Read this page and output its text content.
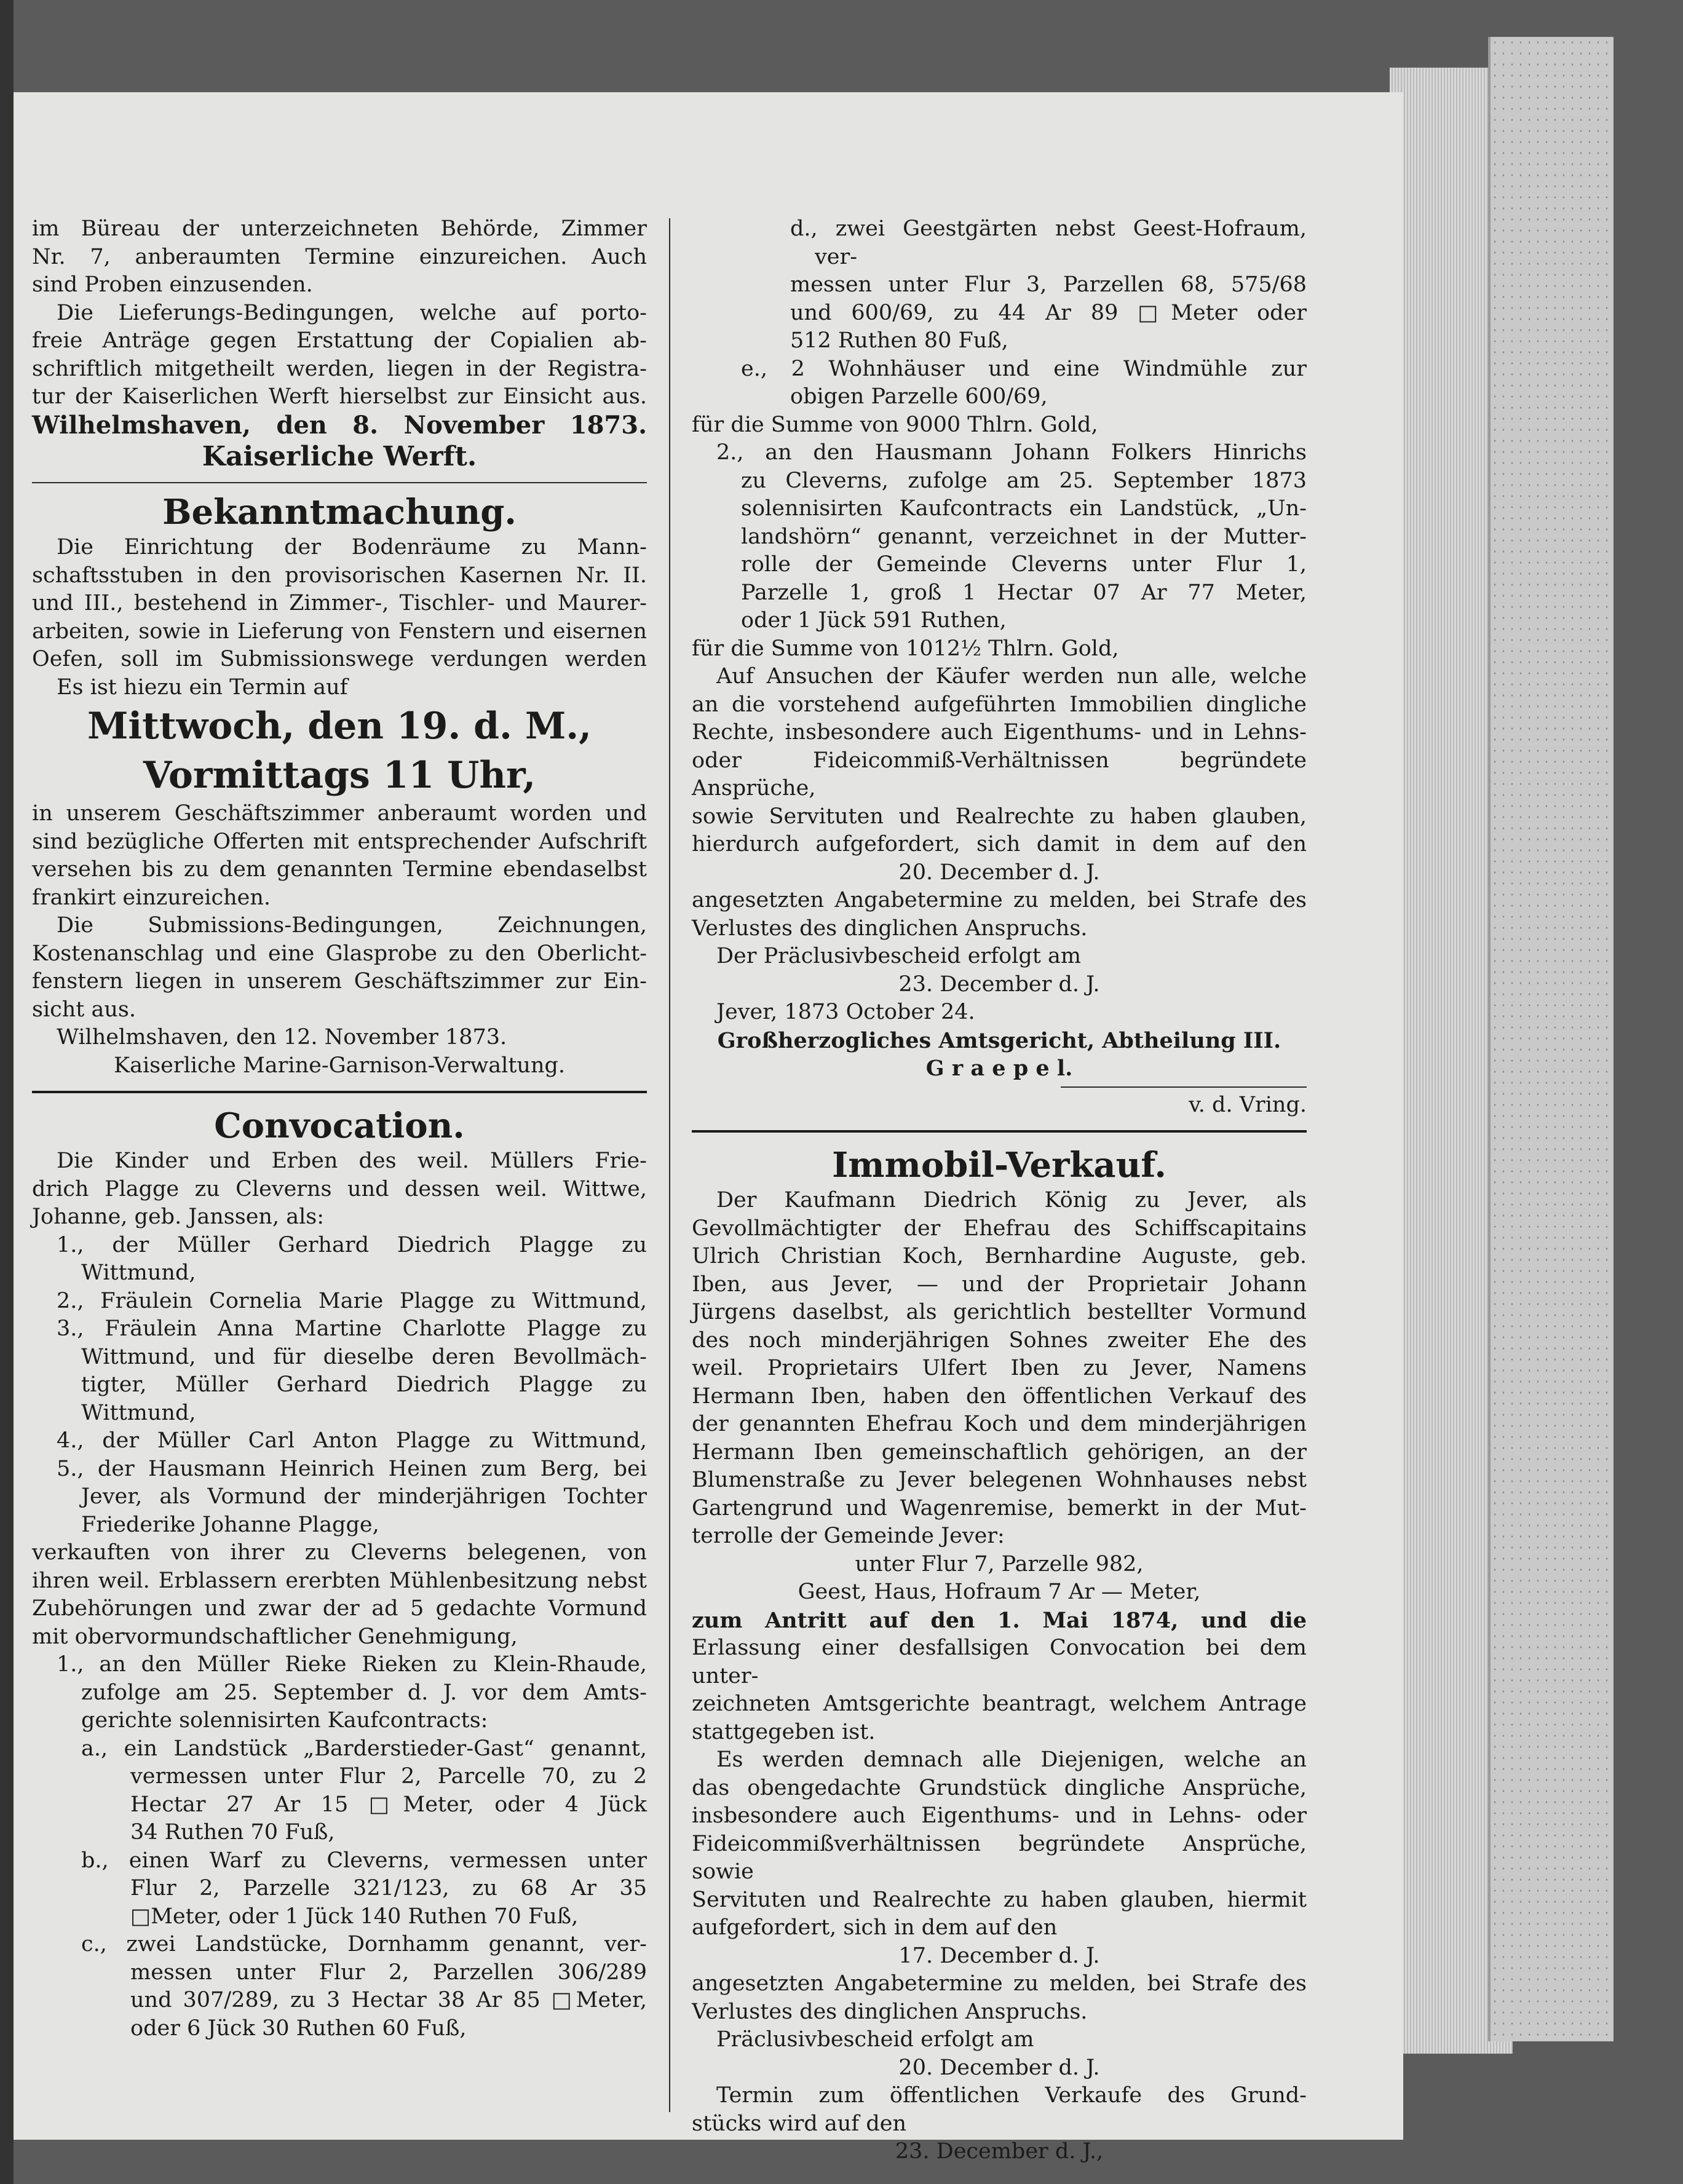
im Büreau der unterzeichneten Behörde, Zimmer

Nr. 7, anberaumten Termine einzureichen. Auch

sind Proben einzusenden.

Die Lieferungs-Bedingungen, welche auf porto-

freie Anträge gegen Erstattung der Copialien ab-

schriftlich mitgetheilt werden, liegen in der Registra-

tur der Kaiserlichen Werft hierselbst zur Einsicht aus.

Wilhelmshaven, den 8. November 1873.

Kaiserliche Werft.

Bekanntmachung.

Die Einrichtung der Bodenräume zu Mann-

schaftsstuben in den provisorischen Kasernen Nr. II.

und III., bestehend in Zimmer-, Tischler- und Maurer-

arbeiten, sowie in Lieferung von Fenstern und eisernen

Oefen, soll im Submissionswege verdungen werden

Es ist hiezu ein Termin auf

Mittwoch, den 19. d. M.,

Vormittags 11 Uhr,

in unserem Geschäftszimmer anberaumt worden und

sind bezügliche Offerten mit entsprechender Aufschrift

versehen bis zu dem genannten Termine ebendaselbst

frankirt einzureichen.

Die Submissions-Bedingungen, Zeichnungen,

Kostenanschlag und eine Glasprobe zu den Oberlicht-

fenstern liegen in unserem Geschäftszimmer zur Ein-

sicht aus.

Wilhelmshaven, den 12. November 1873.

Kaiserliche Marine-Garnison-Verwaltung.

Convocation.

Die Kinder und Erben des weil. Müllers Frie-

drich Plagge zu Cleverns und dessen weil. Wittwe,

Johanne, geb. Janssen, als:

1., der Müller Gerhard Diedrich Plagge zu

Wittmund,

2., Fräulein Cornelia Marie Plagge zu Wittmund,

3., Fräulein Anna Martine Charlotte Plagge zu

Wittmund, und für dieselbe deren Bevollmäch-

tigter, Müller Gerhard Diedrich Plagge zu

Wittmund,

4., der Müller Carl Anton Plagge zu Wittmund,

5., der Hausmann Heinrich Heinen zum Berg, bei

Jever, als Vormund der minderjährigen Tochter

Friederike Johanne Plagge,

verkauften von ihrer zu Cleverns belegenen, von

ihren weil. Erblassern ererbten Mühlenbesitzung nebst

Zubehörungen und zwar der ad 5 gedachte Vormund

mit obervormundschaftlicher Genehmigung,

1., an den Müller Rieke Rieken zu Klein-Rhaude,

zufolge am 25. September d. J. vor dem Amts-

gerichte solennisirten Kaufcontracts:

a., ein Landstück „Barderstieder-Gast“ genannt,

vermessen unter Flur 2, Parcelle 70, zu 2

Hectar 27 Ar 15 □Meter, oder 4 Jück

34 Ruthen 70 Fuß,

b., einen Warf zu Cleverns, vermessen unter

Flur 2, Parzelle 321/123, zu 68 Ar 35

□Meter, oder 1 Jück 140 Ruthen 70 Fuß,

c., zwei Landstücke, Dornhamm genannt, ver-

messen unter Flur 2, Parzellen 306/289

und 307/289, zu 3 Hectar 38 Ar 85 □Meter,

oder 6 Jück 30 Ruthen 60 Fuß,

d., zwei Geestgärten nebst Geest-Hofraum, ver-

messen unter Flur 3, Parzellen 68, 575/68

und 600/69, zu 44 Ar 89 □Meter oder

512 Ruthen 80 Fuß,

e., 2 Wohnhäuser und eine Windmühle zur

obigen Parzelle 600/69,

für die Summe von 9000 Thlrn. Gold,

2., an den Hausmann Johann Folkers Hinrichs

zu Cleverns, zufolge am 25. September 1873

solennisirten Kaufcontracts ein Landstück, „Un-

landshörn“ genannt, verzeichnet in der Mutter-

rolle der Gemeinde Cleverns unter Flur 1,

Parzelle 1, groß 1 Hectar 07 Ar 77 Meter,

oder 1 Jück 591 Ruthen,

für die Summe von 1012½ Thlrn. Gold,

Auf Ansuchen der Käufer werden nun alle, welche

an die vorstehend aufgeführten Immobilien dingliche

Rechte, insbesondere auch Eigenthums- und in Lehns-

oder Fideicommiß-Verhältnissen begründete Ansprüche,

sowie Servituten und Realrechte zu haben glauben,

hierdurch aufgefordert, sich damit in dem auf den

20. December d. J.

angesetzten Angabetermine zu melden, bei Strafe des

Verlustes des dinglichen Anspruchs.

Der Präclusivbescheid erfolgt am

23. December d. J.

Jever, 1873 October 24.

Großherzogliches Amtsgericht, Abtheilung III.

G r a e p e l.

v. d. Vring.

Immobil-Verkauf.

Der Kaufmann Diedrich König zu Jever, als

Gevollmächtigter der Ehefrau des Schiffscapitains

Ulrich Christian Koch, Bernhardine Auguste, geb.

Iben, aus Jever, — und der Proprietair Johann

Jürgens daselbst, als gerichtlich bestellter Vormund

des noch minderjährigen Sohnes zweiter Ehe des

weil. Proprietairs Ulfert Iben zu Jever, Namens

Hermann Iben, haben den öffentlichen Verkauf des

der genannten Ehefrau Koch und dem minderjährigen

Hermann Iben gemeinschaftlich gehörigen, an der

Blumenstraße zu Jever belegenen Wohnhauses nebst

Gartengrund und Wagenremise, bemerkt in der Mut-

terrolle der Gemeinde Jever:

unter Flur 7, Parzelle 982,

Geest, Haus, Hofraum 7 Ar — Meter,

zum Antritt auf den 1. Mai 1874, und die

Erlassung einer desfallsigen Convocation bei dem unter-

zeichneten Amtsgerichte beantragt, welchem Antrage

stattgegeben ist.

Es werden demnach alle Diejenigen, welche an

das obengedachte Grundstück dingliche Ansprüche,

insbesondere auch Eigenthums- und in Lehns- oder

Fideicommißverhältnissen begründete Ansprüche, sowie

Servituten und Realrechte zu haben glauben, hiermit

aufgefordert, sich in dem auf den

17. December d. J.

angesetzten Angabetermine zu melden, bei Strafe des

Verlustes des dinglichen Anspruchs.

Präclusivbescheid erfolgt am

20. December d. J.

Termin zum öffentlichen Verkaufe des Grund-

stücks wird auf den

23. December d. J.,
